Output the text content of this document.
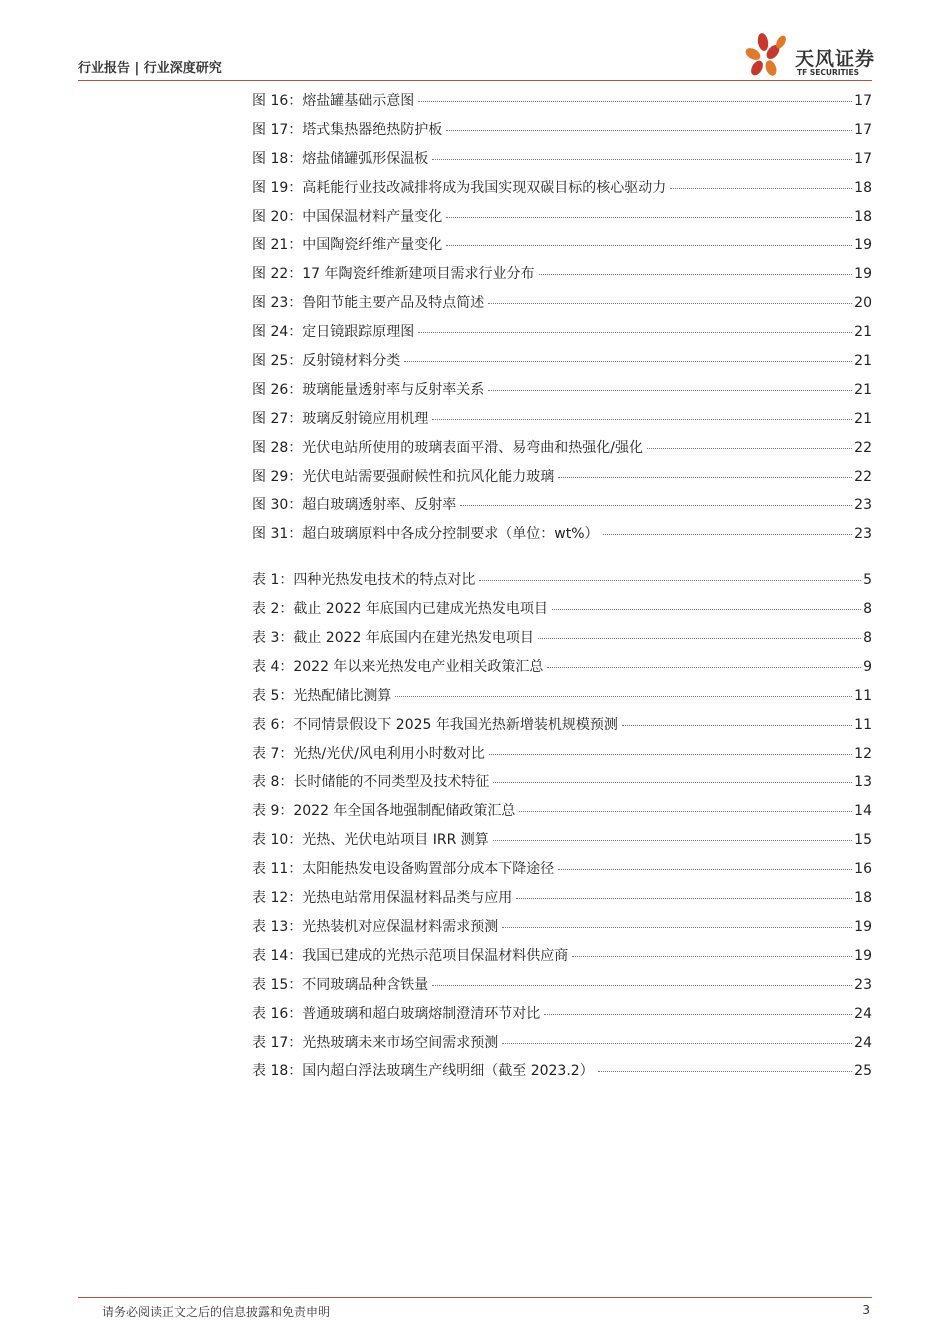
行业报告 | 行业深度研究	天风证券
TF SECURITIES
图 16：熔盐罐基础示意图	17
图 17：塔式集热器绝热防护板	17
图 18：熔盐储罐弧形保温板	17
图 19：高耗能行业技改减排将成为我国实现双碳目标的核心驱动力	18
图 20：中国保温材料产量变化	18
图 21：中国陶瓷纤维产量变化	19
图 22：17 年陶瓷纤维新建项目需求行业分布	19
图 23：鲁阳节能主要产品及特点简述	20
图 24：定日镜跟踪原理图	21
图 25：反射镜材料分类	21
图 26：玻璃能量透射率与反射率关系	21
图 27：玻璃反射镜应用机理	21
图 28：光伏电站所使用的玻璃表面平滑、易弯曲和热强化/强化	22
图 29：光伏电站需要强耐候性和抗风化能力玻璃	22
图 30：超白玻璃透射率、反射率	23
图 31：超白玻璃原料中各成分控制要求（单位：wt%）	23
表 1：四种光热发电技术的特点对比	5
表 2：截止 2022 年底国内已建成光热发电项目	8
表 3：截止 2022 年底国内在建光热发电项目	8
表 4：2022 年以来光热发电产业相关政策汇总	9
表 5：光热配储比测算	11
表 6：不同情景假设下 2025 年我国光热新增装机规模预测	11
表 7：光热/光伏/风电利用小时数对比	12
表 8：长时储能的不同类型及技术特征	13
表 9：2022 年全国各地强制配储政策汇总	14
表 10：光热、光伏电站项目 IRR 测算	15
表 11：太阳能热发电设备购置部分成本下降途径	16
表 12：光热电站常用保温材料品类与应用	18
表 13：光热装机对应保温材料需求预测	19
表 14：我国已建成的光热示范项目保温材料供应商	19
表 15：不同玻璃品种含铁量	23
表 16：普通玻璃和超白玻璃熔制澄清环节对比	24
表 17：光热玻璃未来市场空间需求预测	24
表 18：国内超白浮法玻璃生产线明细（截至 2023.2）	25
请务必阅读正文之后的信息披露和免责申明	3
